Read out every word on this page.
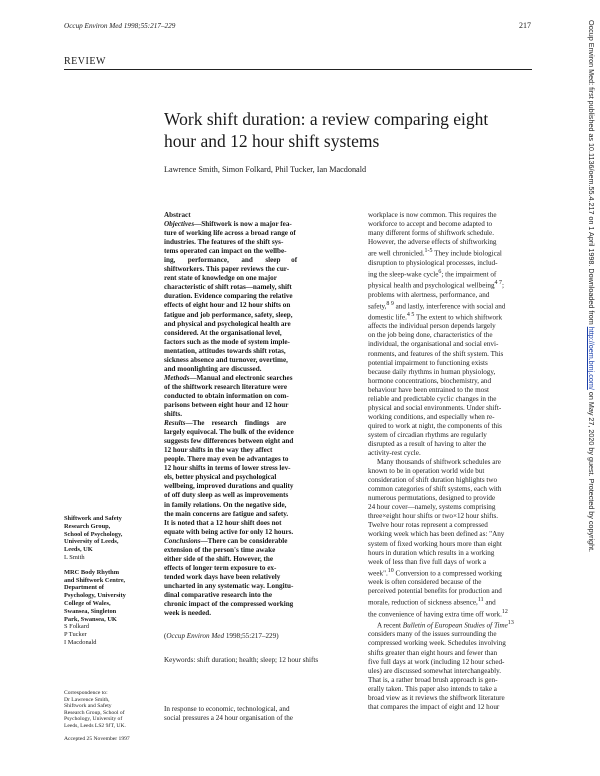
Occup Environ Med 1998;55:217–229	217
REVIEW
Work shift duration: a review comparing eight
hour and 12 hour shift systems
Lawrence Smith, Simon Folkard, Phil Tucker, Ian Macdonald
Shiftwork and Safety
Research Group,
School of Psychology,
University of Leeds,
Leeds, UK
L Smith
MRC Body Rhythm
and Shiftwork Centre,
Department of
Psychology, University
College of Wales,
Swansea, Singleton
Park, Swansea, UK
S Folkard
P Tucker
I Macdonald
Correspondence to:
Dr Lawrence Smith,
Shiftwork and Safety
Research Group, School of
Psychology, University of
Leeds, Leeds LS2 9JT, UK.
Accepted 25 November 1997
Abstract
Objectives—Shiftwork is now a major fea-
ture of working life across a broad range of
industries. The features of the shift sys-
tems operated can impact on the wellbe-
ing,       performance,       and       sleep      of
shiftworkers. This paper reviews the cur-
rent state of knowledge on one major
characteristic of shift rotas—namely, shift
duration. Evidence comparing the relative
effects of eight hour and 12 hour shifts on
fatigue and job performance, safety, sleep,
and physical and psychological health are
considered. At the organisational level,
factors such as the mode of system imple-
mentation, attitudes towards shift rotas,
sickness absence and turnover, overtime,
and moonlighting are discussed.
Methods—Manual and electronic searches
of the shiftwork research literature were
conducted to obtain information on com-
parisons between eight hour and 12 hour
shifts.
Results—The    research    findings    are
largely equivocal. The bulk of the evidence
suggests few differences between eight and
12 hour shifts in the way they affect
people. There may even be advantages to
12 hour shifts in terms of lower stress lev-
els, better physical and psychological
wellbeing, improved durations and quality
of off duty sleep as well as improvements
in family relations. On the negative side,
the main concerns are fatigue and safety.
It is noted that a 12 hour shift does not
equate with being active for only 12 hours.
Conclusions—There can be considerable
extension of the person's time awake
either side of the shift. However, the
effects of longer term exposure to ex-
tended work days have been relatively
uncharted in any systematic way. Longitu-
dinal comparative research into the
chronic impact of the compressed working
week is needed.
(Occup Environ Med 1998;55:217–229)
Keywords: shift duration; health; sleep; 12 hour shifts
In response to economic, technological, and
social pressures a 24 hour organisation of the
workplace is now common. This requires the
workforce to accept and become adapted to
many different forms of shiftwork schedule.
However, the adverse effects of shiftworking
are well chronicled.$^{1-5}$ They include biological
disruption to physiological processes, includ-
ing the sleep-wake cycle$^6$; the impairment of
physical health and psychological wellbeing$^{4 7}$;
problems with alertness, performance, and
safety,$^{8 9}$ and lastly, interference with social and
domestic life.$^{4 5}$ The extent to which shiftwork
affects the individual person depends largely
on the job being done, characteristics of the
individual, the organisational and social envi-
ronments, and features of the shift system. This
potential impairment to functioning exists
because daily rhythms in human physiology,
hormone concentrations, biochemistry, and
behaviour have been entrained to the most
reliable and predictable cyclic changes in the
physical and social environments. Under shift-
working conditions, and especially when re-
quired to work at night, the components of this
system of circadian rhythms are regularly
disrupted as a result of having to alter the
activity-rest cycle.
Many thousands of shiftwork schedules are
known to be in operation world wide but
consideration of shift duration highlights two
common categories of shift systems, each with
numerous permutations, designed to provide
24 hour cover—namely, systems comprising
three×eight hour shifts or two×12 hour shifts.
Twelve hour rotas represent a compressed
working week which has been defined as: "Any
system of fixed working hours more than eight
hours in duration which results in a working
week of less than five full days of work a
week".$^{10}$ Conversion to a compressed working
week is often considered because of the
perceived potential benefits for production and
morale, reduction of sickness absence,$^{11}$ and
the convenience of having extra time off work.$^{12}$
A recent Bulletin of European Studies of Time$^{13}$
considers many of the issues surrounding the
compressed working week. Schedules involving
shifts greater than eight hours and fewer than
five full days at work (including 12 hour sched-
ules) are discussed somewhat interchangeably.
That is, a rather broad brush approach is gen-
erally taken. This paper also intends to take a
broad view as it reviews the shiftwork literature
that compares the impact of eight and 12 hour
Occup Environ Med: first published as 10.1136/oem.55.4.217 on 1 April 1998. Downloaded from http://oem.bmj.com/ on May 27, 2020 by guest. Protected by copyright.
